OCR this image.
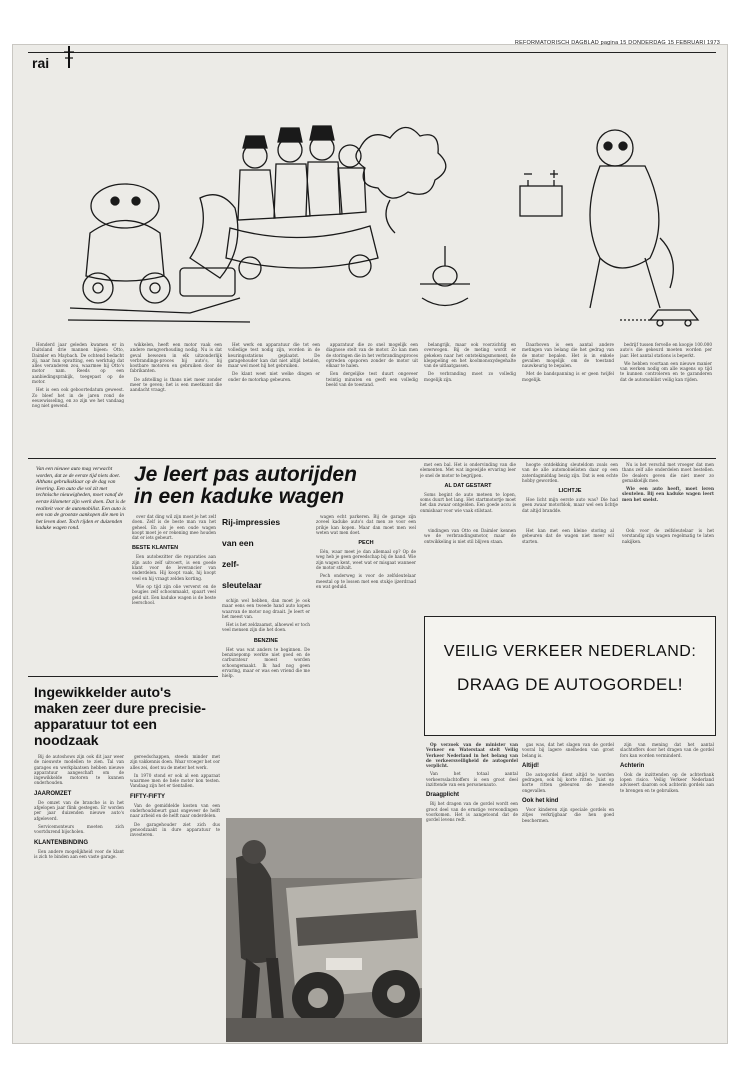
REFORMATORISCH DAGBLAD pagina 15 DONDERDAG 15 FEBRUARI 1973
rai

Honderd jaar geleden kwamen er in Duitsland drie mannen bijeen: Otto, Daimler en Maybach. De ochtend bedacht zij, naar hun opvatting, een werktuig dat alles veranderen zou, waarmee hij Otto's motor nam. Reeds op een aanbiedingsprakijk, toegepast op de motor.

Het is een ook geboortedatum geweest. Zo bleef het in de jaren rond de eeuwwisseling, en zo zijn we het vandaag nog niet gewend.

wikkelen, heeft een motor vaak een andere mengverhouding nodig. Nu is dat geval bewezen in elk uitzonderlijk verbrandings-proces bij auto's, bij kostbare motoren en gebruiken door de fabrikanten.

De afstelling is thans niet meer zonder meer te geven; het is een meetkunst die aandacht vraagt.

Het werk en apparatuur die tot een volledige test nodig zijn, worden in de keuringsstations geplaatst. De garagehouder kan dat niet altijd betalen, maar wel moet hij het gebruiken.

De klant weet niet welke dingen er onder de motorkap gebeuren.

apparatuur die zo snel mogelijk een diagnose stelt van de motor. Zo kan men de storingen die in het verbrandingsproces optreden opsporen zonder de motor uit elkaar te halen.

Een dergelijke test duurt ongeveer twintig minuten en geeft een volledig beeld van de toestand.

belangrijk, maar ook voorzichtig en overwogen. Bij de meting wordt er gekeken naar het ontstekingsmoment, de klepspeling en het koolmonoxydegehalte van de uitlaatgassen.

De verbranding moet zo volledig mogelijk zijn.

Daarboven is een aantal andere metingen van belang die het gedrag van de motor bepalen. Het is in enkele gevallen mogelijk om de toestand nauwkeurig te bepalen.

Met de bandspanning is er geen twijfel mogelijk.

bedrijf tussen fervelle en koopje 100.000 auto's die gekeurd moeten worden per jaar. Het aantal stations is beperkt.

We hebben voortaan een nieuwe manier van werken nodig om alle wagens op tijd te kunnen controleren en te garanderen dat de automobilist veilig kan rijden.

Van een nieuwe auto mag verwacht worden, dat ze de eerste tijd niets doet. Althans gebruiksklaar op de dag van levering. Een auto die vol zit met technische nieuwigheden, moet vanaf de eerste kilometer zijn werk doen. Dat is de realiteit voor de automobilist. Een auto is een van de grootste aankopen die men in het leven doet. Toch rijden er duizenden kaduke wagen rond.
Je leert pas autorijden
in een kaduke wagen

over dat ding wil zijn moet je het zelf doen. Zelf is de beste man van het geheel. En als je een oude wagen koopt moet je er rekening mee houden dat er iets gebeurt.

BESTE KLANTEN

Een autobezitter die reparaties aan zijn auto zelf uitvoert, is een goede klant voor de leverancier van onderdelen. Hij koopt vaak, hij koopt veel en hij vraagt zelden korting.

Wie op tijd zijn olie ververst en de bougies zelf schoonmaakt, spaart veel geld uit. Een kaduke wagen is de beste leerschool.

Rij-impressies
van een
zelf-
sleutelaar

schijn wel hebben, dan moet je ook maar eens een tweede hand auto kopen waarvan de motor nog draait. Je leert er het meest van.

Het is het zeldzaamst, alhoewel er toch veel mensen zijn die het doen.

BENZINE

Het was wat anders te beginnen. De benzinepomp werkte niet goed en de carburateur moest worden schoongemaakt. Ik had nog geen ervaring, maar er was een vriend die me hielp.

wagen echt parkeren. Bij de garage zijn zoveel kaduke auto's dat men ze voor een prikje kan kopen. Maar dan moet men wel weten wat men doet.

PECH

Eén, waar meet je dan allemaal op? Op de weg heb je geen gereedschap bij de hand. Wie zijn wagen kent, weet wat er misgaat wanneer de motor stilvalt.

Pech onderweg is voor de zelfsleutelaar meestal op te lossen met een stukje ijzerdraad en wat geduld.

met een bal. Het is ondervinding van die elementen. Met wat ingewijde ervaring leer je snel de motor te begrijpen.

AL DAT GESTART

Soms begint de auto meteen te lopen, soms duurt het lang. Het startmotortje moet het dan zwaar ontgelden. Een goede accu is onmisbaar voor wie vaak stilstaat.

hoogte ontdekking sleuteldom zoals een van de alle automobielisten daar op een zaterdagmiddag bezig zijn. Dat is een echte hobby geworden.

LICHTJE

Hoe licht mijn eerste auto was? Die had geen zwaar motorblok, maar wel een lichtje dat altijd brandde.

Nu is het verschil met vroeger dat men thans zelf alle onderdelen moet bestellen. De dealers geven die niet meer zo gemakkelijk mee.

Wie een auto heeft, moet leren sleutelen. Bij een kaduke wagen leert men het snelst.

Ingewikkelder auto's maken zeer dure precisie-apparatuur tot een noodzaak

Bij de autoshows zijn ook dit jaar weer de nieuwste modellen te zien. Tal van garages en werkplaatsen hebben nieuwe apparatuur aangeschaft om de ingewikkelde motoren te kunnen onderhouden.

JAAROMZET

De omzet van de branche is in het afgelopen jaar flink gestegen. Er worden per jaar duizenden nieuwe auto's afgeleverd.

Servicemonteurs moeten zich voortdurend bijscholen.

KLANTENBINDING

Een andere mogelijkheid voor de klant is zich te binden aan een vaste garage.

gereedschappen, steeds minder met zijn vakkennis doen. Waar vroeger het oor alles zei, doet nu de meter het werk.

In 1970 stond er ook al een apparaat waarmee men de hele motor kon testen. Vandaag zijn het er tientallen.

FIFTY-FIFTY

Van de gemiddelde kosten van een onderhoudsbeurt gaat ongeveer de helft naar arbeid en de helft naar onderdelen.

De garagehouder ziet zich dus genoodzaakt in dure apparatuur te investeren.

vindingen van Otto en Daimler kennen we de verbrandingsmotor, maar de ontwikkeling is niet stil blijven staan.

Het kan met een kleine storing al gebeuren dat de wagen niet meer wil starten.

Ook voor de zelfsleutelaar is het verstandig zijn wagen regelmatig te laten nakijken.

VEILIG VERKEER NEDERLAND:
DRAAG DE AUTOGORDEL!

Op verzoek van de minister van Verkeer en Waterstaat stelt Veilig Verkeer Nederland in het belang van de verkeersveiligheid de autogordel verplicht.

Van het totaal aantal verkeersslachtoffers is een groot deel inzittende van een personenauto.

Draagplicht

Bij het dragen van de gordel wordt een groot deel van de ernstige verwondingen voorkomen. Het is aangetoond dat de gordel levens redt.

gas was, dat het slagen van de gordel vooral bij lagere snelheden van groot belang is.

Altijd!

De autogordel dient altijd te worden gedragen, ook bij korte ritten. Juist op korte ritten gebeuren de meeste ongevallen.

Ook het kind

Voor kinderen zijn speciale gordels en zitjes verkrijgbaar die hen goed beschermen.

zijn van mening dat het aantal slachtoffers door het dragen van de gordel fors kan worden verminderd.

Achterin

Ook de inzittenden op de achterbank lopen risico. Veilig Verkeer Nederland adviseert daarom ook achterin gordels aan te brengen en te gebruiken.
